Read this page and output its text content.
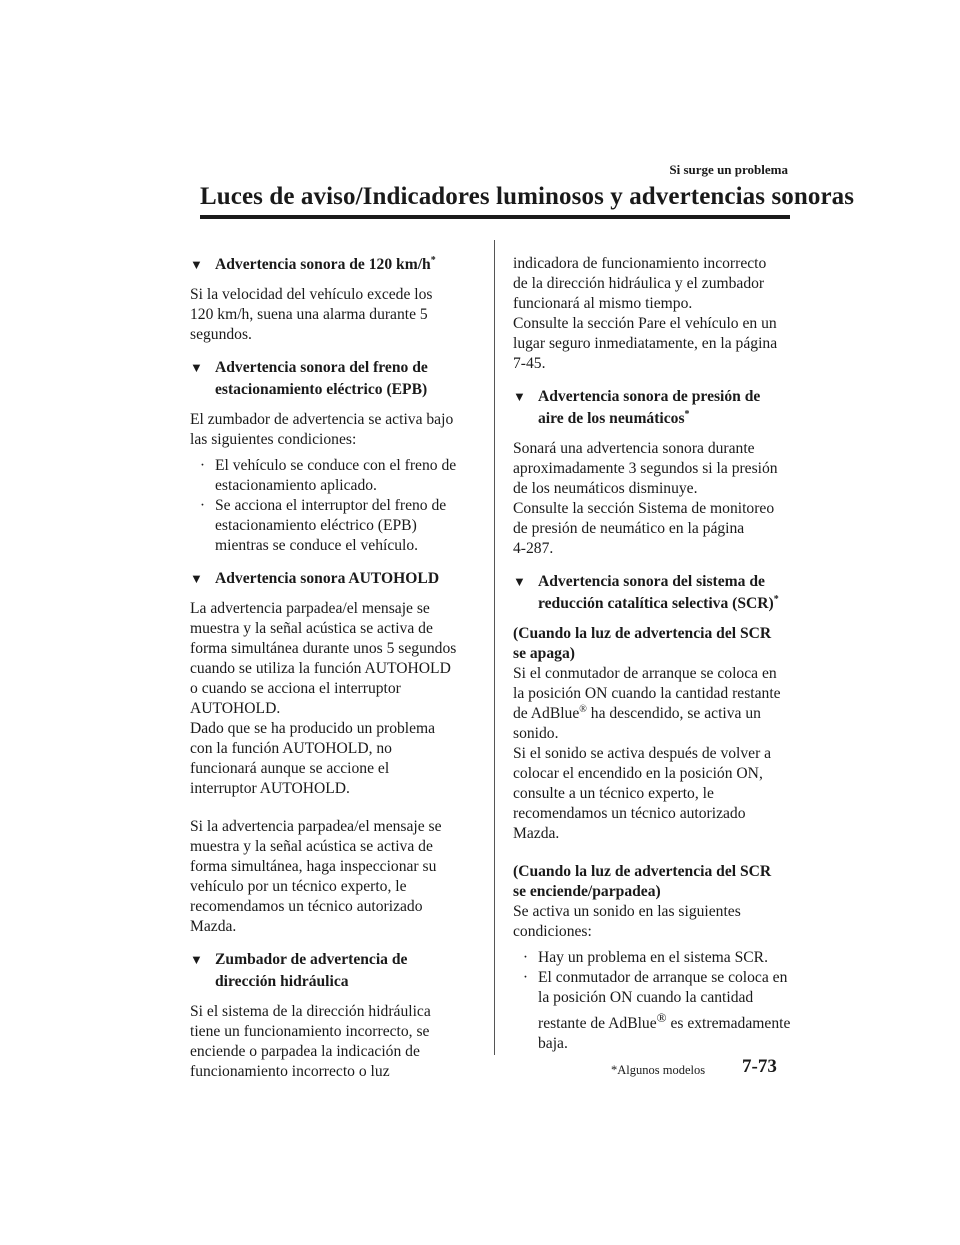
Si surge un problema
Luces de aviso/Indicadores luminosos y advertencias sonoras
▼ Advertencia sonora de 120 km/h*

Si la velocidad del vehículo excede los

120 km/h, suena una alarma durante 5

segundos.

▼ Advertencia sonora del freno de
estacionamiento eléctrico (EPB)

El zumbador de advertencia se activa bajo

las siguientes condiciones:

· El vehículo se conduce con el freno de
estacionamiento aplicado.
· Se acciona el interruptor del freno de
estacionamiento eléctrico (EPB)
mientras se conduce el vehículo.
▼ Advertencia sonora AUTOHOLD

La advertencia parpadea/el mensaje se

muestra y la señal acústica se activa de

forma simultánea durante unos 5 segundos

cuando se utiliza la función AUTOHOLD

o cuando se acciona el interruptor

AUTOHOLD.

Dado que se ha producido un problema

con la función AUTOHOLD, no

funcionará aunque se accione el

interruptor AUTOHOLD.

Si la advertencia parpadea/el mensaje se

muestra y la señal acústica se activa de

forma simultánea, haga inspeccionar su

vehículo por un técnico experto, le

recomendamos un técnico autorizado

Mazda.

▼ Zumbador de advertencia de
dirección hidráulica

Si el sistema de la dirección hidráulica

tiene un funcionamiento incorrecto, se

enciende o parpadea la indicación de

funcionamiento incorrecto o luz

indicadora de funcionamiento incorrecto

de la dirección hidráulica y el zumbador

funcionará al mismo tiempo.

Consulte la sección Pare el vehículo en un

lugar seguro inmediatamente, en la página

7-45.

▼ Advertencia sonora de presión de
aire de los neumáticos*

Sonará una advertencia sonora durante

aproximadamente 3 segundos si la presión

de los neumáticos disminuye.

Consulte la sección Sistema de monitoreo

de presión de neumático en la página

4-287.

▼ Advertencia sonora del sistema de
reducción catalítica selectiva (SCR)*

(Cuando la luz de advertencia del SCR

se apaga)

Si el conmutador de arranque se coloca en

la posición ON cuando la cantidad restante

de AdBlue® ha descendido, se activa un

sonido.

Si el sonido se activa después de volver a

colocar el encendido en la posición ON,

consulte a un técnico experto, le

recomendamos un técnico autorizado

Mazda.

(Cuando la luz de advertencia del SCR

se enciende/parpadea)

Se activa un sonido en las siguientes

condiciones:

· Hay un problema en el sistema SCR.
· El conmutador de arranque se coloca en
la posición ON cuando la cantidad
restante de AdBlue® es extremadamente
baja.
*Algunos modelos 7-73
